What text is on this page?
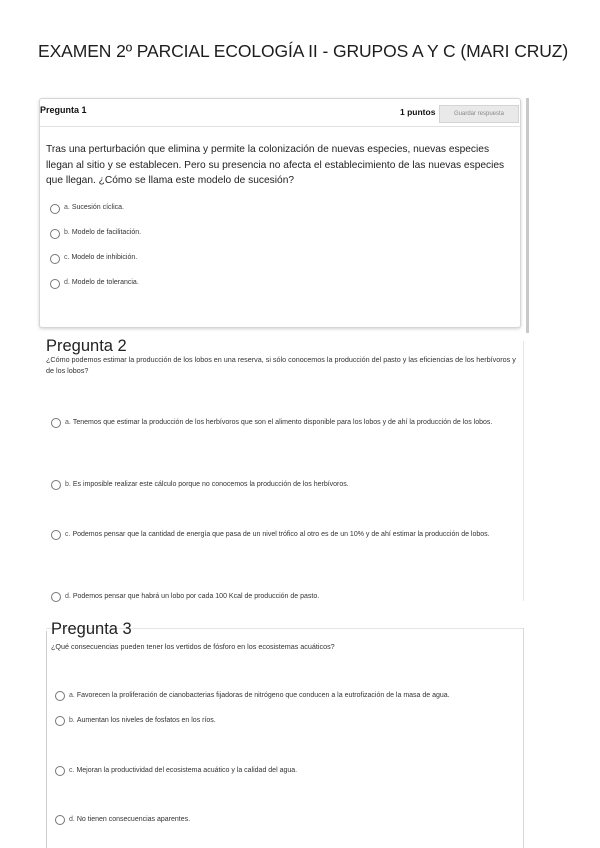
EXAMEN 2º PARCIAL ECOLOGÍA II - GRUPOS A Y C (MARI CRUZ)
Pregunta 1	1 puntos	Guardar respuesta
Tras una perturbación que elimina y permite la colonización de nuevas especies, nuevas especies llegan al sitio y se establecen. Pero su presencia no afecta el establecimiento de las nuevas especies que llegan. ¿Cómo se llama este modelo de sucesión?
a. Sucesión cíclica.
b. Modelo de facilitación.
c. Modelo de inhibición.
d. Modelo de tolerancia.
Pregunta 2
¿Cómo podemos estimar la producción de los lobos en una reserva, si sólo conocemos la producción del pasto y las eficiencias de los herbívoros y de los lobos?
a. Tenemos que estimar la producción de los herbívoros que son el alimento disponible para los lobos y de ahí la producción de los lobos.
b. Es imposible realizar este cálculo porque no conocemos la producción de los herbívoros.
c. Podemos pensar que la cantidad de energía que pasa de un nivel trófico al otro es de un 10% y de ahí estimar la producción de lobos.
d. Podemos pensar que habrá un lobo por cada 100 Kcal de producción de pasto.
Pregunta 3
¿Qué consecuencias pueden tener los vertidos de fósforo en los ecosistemas acuáticos?
a. Favorecen la proliferación de cianobacterias fijadoras de nitrógeno que conducen a la eutrofización de la masa de agua.
b. Aumentan los niveles de fosfatos en los ríos.
c. Mejoran la productividad del ecosistema acuático y la calidad del agua.
d. No tienen consecuencias aparentes.
